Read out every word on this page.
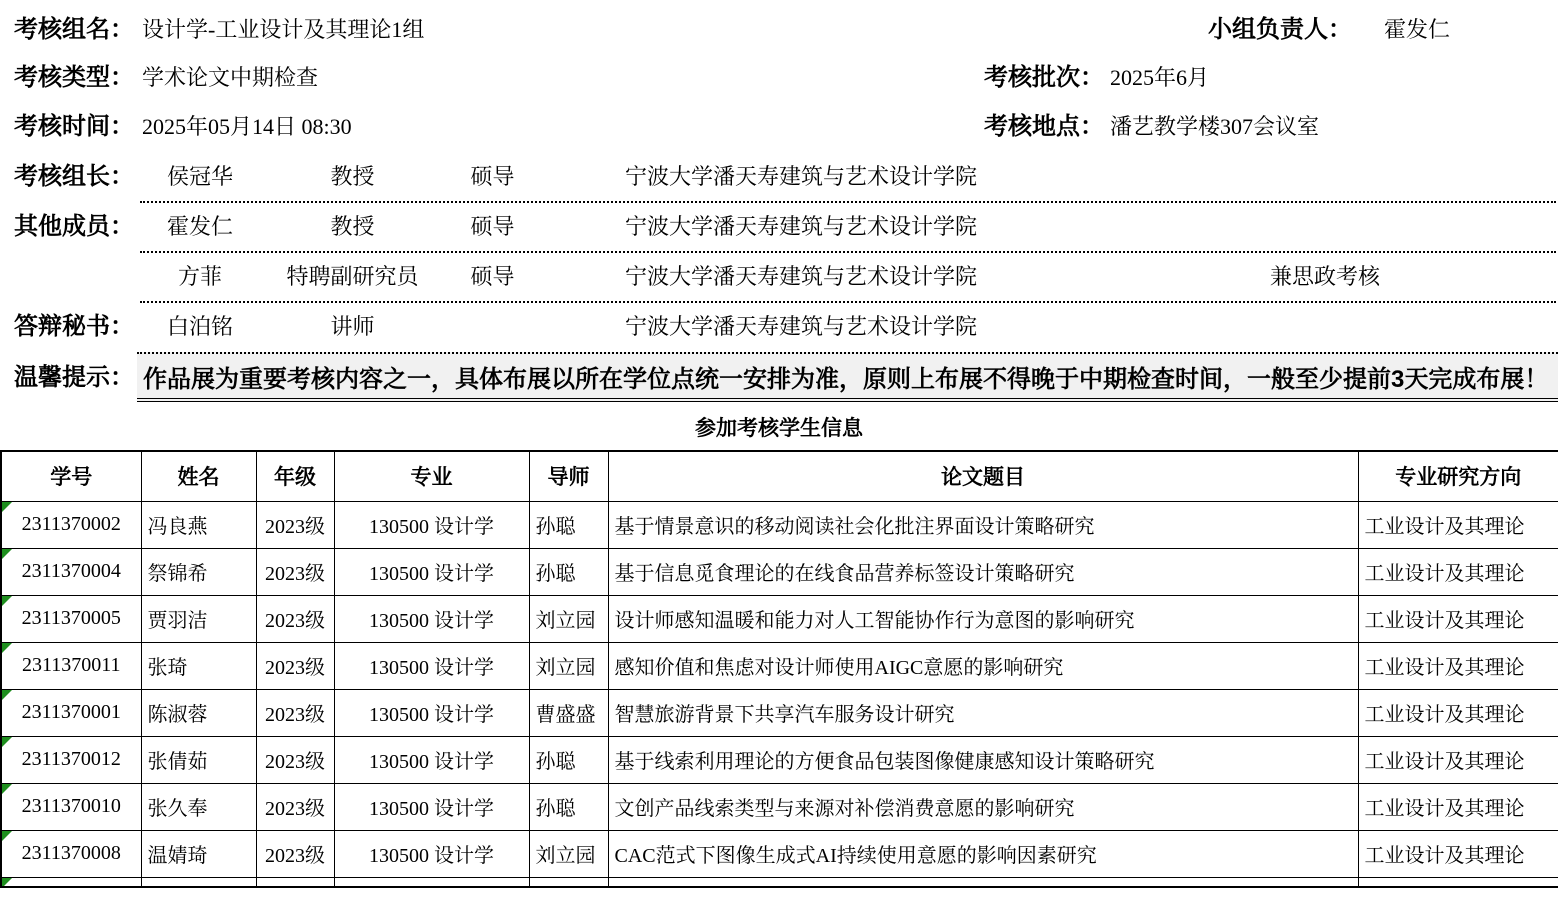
考核组名： 设计学-工业设计及其理论1组	小组负责人： 霍发仁
考核类型： 学术论文中期检查	考核批次： 2025年6月
考核时间： 2025年05月14日 08:30	考核地点： 潘艺教学楼307会议室
考核组长：	侯冠华	教授	硕导	宁波大学潘天寿建筑与艺术设计学院
其他成员：	霍发仁	教授	硕导	宁波大学潘天寿建筑与艺术设计学院
方菲	特聘副研究员	硕导	宁波大学潘天寿建筑与艺术设计学院	兼思政考核
答辩秘书：	白泊铭	讲师	宁波大学潘天寿建筑与艺术设计学院
温馨提示： 作品展为重要考核内容之一，具体布展以所在学位点统一安排为准，原则上布展不得晚于中期检查时间，一般至少提前3天完成布展！
参加考核学生信息
学号	姓名	年级	专业	导师	论文题目	专业研究方向

2311370002	冯良燕	2023级	130500 设计学	孙聪	基于情景意识的移动阅读社会化批注界面设计策略研究	工业设计及其理论

2311370004	祭锦希	2023级	130500 设计学	孙聪	基于信息觅食理论的在线食品营养标签设计策略研究	工业设计及其理论

2311370005	贾羽洁	2023级	130500 设计学	刘立园	设计师感知温暖和能力对人工智能协作行为意图的影响研究	工业设计及其理论

2311370011	张琦	2023级	130500 设计学	刘立园	感知价值和焦虑对设计师使用AIGC意愿的影响研究	工业设计及其理论

2311370001	陈淑蓉	2023级	130500 设计学	曹盛盛	智慧旅游背景下共享汽车服务设计研究	工业设计及其理论

2311370012	张倩茹	2023级	130500 设计学	孙聪	基于线索利用理论的方便食品包装图像健康感知设计策略研究	工业设计及其理论

2311370010	张久奉	2023级	130500 设计学	孙聪	文创产品线索类型与来源对补偿消费意愿的影响研究	工业设计及其理论

2311370008	温婧琦	2023级	130500 设计学	刘立园	CAC范式下图像生成式AI持续使用意愿的影响因素研究	工业设计及其理论
